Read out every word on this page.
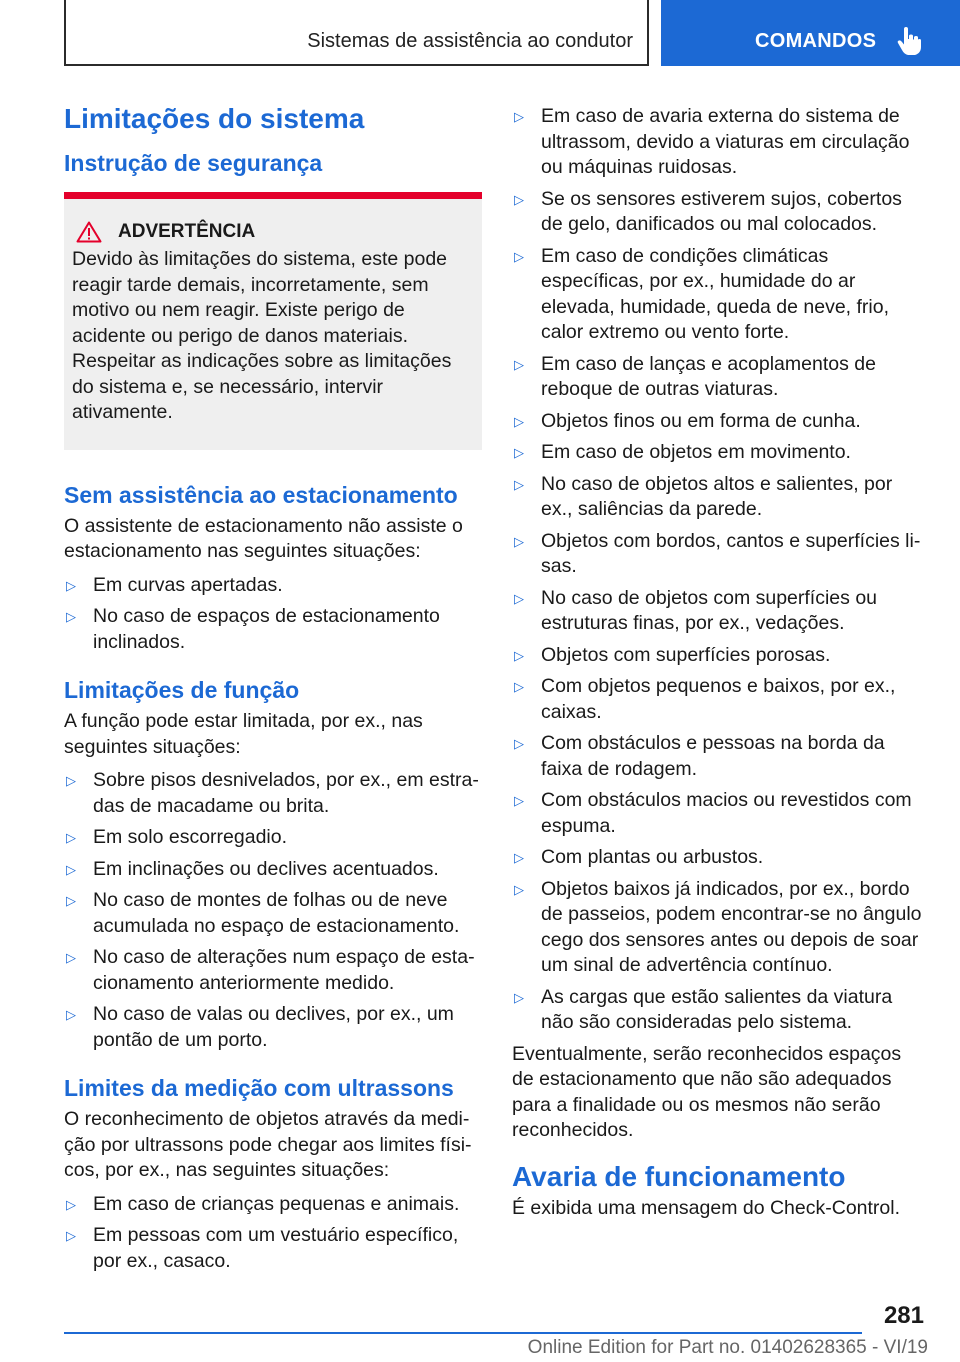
Sistemas de assistência ao condutor	COMANDOS
Limitações do sistema
Instrução de segurança
ADVERTÊNCIA

Devido às limitações do sistema, este pode reagir tarde demais, incorretamente, sem motivo ou nem reagir. Existe perigo de acidente ou perigo de danos materiais. Respeitar as indicações sobre as limitações do sistema e, se necessário, intervir ativamente.

Sem assistência ao estacionamento

O assistente de estacionamento não assiste o estacionamento nas seguintes situações:

▷ Em curvas apertadas.
▷ No caso de espaços de estacionamento inclinados.
Limitações de função

A função pode estar limitada, por ex., nas seguintes situações:

▷ Sobre pisos desnivelados, por ex., em estradas de macadame ou brita.
▷ Em solo escorregadio.
▷ Em inclinações ou declives acentuados.
▷ No caso de montes de folhas ou de neve acumulada no espaço de estacionamento.
▷ No caso de alterações num espaço de estacionamento anteriormente medido.
▷ No caso de valas ou declives, por ex., um pontão de um porto.
Limites da medição com ultrassons

O reconhecimento de objetos através da medição por ultrassons pode chegar aos limites físicos, por ex., nas seguintes situações:

▷ Em caso de crianças pequenas e animais.
▷ Em pessoas com um vestuário específico, por ex., casaco.
▷ Em caso de avaria externa do sistema de ultrassom, devido a viaturas em circulação ou máquinas ruidosas.
▷ Se os sensores estiverem sujos, cobertos de gelo, danificados ou mal colocados.
▷ Em caso de condições climáticas específicas, por ex., humidade do ar elevada, humidade, queda de neve, frio, calor extremo ou vento forte.
▷ Em caso de lanças e acoplamentos de reboque de outras viaturas.
▷ Objetos finos ou em forma de cunha.
▷ Em caso de objetos em movimento.
▷ No caso de objetos altos e salientes, por ex., saliências da parede.
▷ Objetos com bordos, cantos e superfícies lisas.
▷ No caso de objetos com superfícies ou estruturas finas, por ex., vedações.
▷ Objetos com superfícies porosas.
▷ Com objetos pequenos e baixos, por ex., caixas.
▷ Com obstáculos e pessoas na borda da faixa de rodagem.
▷ Com obstáculos macios ou revestidos com espuma.
▷ Com plantas ou arbustos.
▷ Objetos baixos já indicados, por ex., bordo de passeios, podem encontrar-se no ângulo cego dos sensores antes ou depois de soar um sinal de advertência contínuo.
▷ As cargas que estão salientes da viatura não são consideradas pelo sistema.

Eventualmente, serão reconhecidos espaços de estacionamento que não são adequados para a finalidade ou os mesmos não serão reconhecidos.

Avaria de funcionamento

É exibida uma mensagem do Check-Control.

281
Online Edition for Part no. 01402628365 - VI/19
